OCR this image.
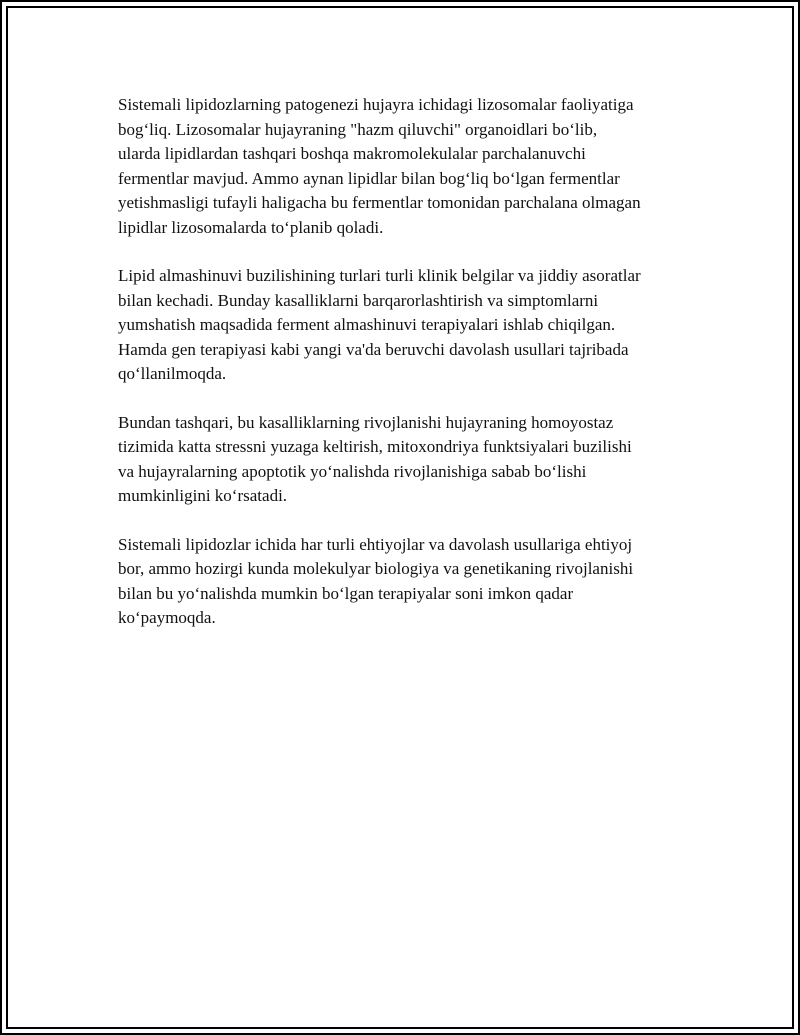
Sistemali lipidozlarning patogenezi hujayra ichidagi lizosomalar faoliyatiga
bog‘liq. Lizosomalar hujayraning "hazm qiluvchi" organoidlari bo‘lib,
ularda lipidlardan tashqari boshqa makromolekulalar parchalanuvchi
fermentlar mavjud. Ammo aynan lipidlar bilan bog‘liq bo‘lgan fermentlar
yetishmasligi tufayli haligacha bu fermentlar tomonidan parchalana olmagan
lipidlar lizosomalarda to‘planib qoladi.

Lipid almashinuvi buzilishining turlari turli klinik belgilar va jiddiy asoratlar
bilan kechadi. Bunday kasalliklarni barqarorlashtirish va simptomlarni
yumshatish maqsadida ferment almashinuvi terapiyalari ishlab chiqilgan.
Hamda gen terapiyasi kabi yangi va'da beruvchi davolash usullari tajribada
qo‘llanilmoqda.

Bundan tashqari, bu kasalliklarning rivojlanishi hujayraning homoyostaz
tizimida katta stressni yuzaga keltirish, mitoxondriya funktsiyalari buzilishi
va hujayralarning apoptotik yo‘nalishda rivojlanishiga sabab bo‘lishi
mumkinligini ko‘rsatadi.

Sistemali lipidozlar ichida har turli ehtiyojlar va davolash usullariga ehtiyoj
bor, ammo hozirgi kunda molekulyar biologiya va genetikaning rivojlanishi
bilan bu yo‘nalishda mumkin bo‘lgan terapiyalar soni imkon qadar
ko‘paymoqda.
